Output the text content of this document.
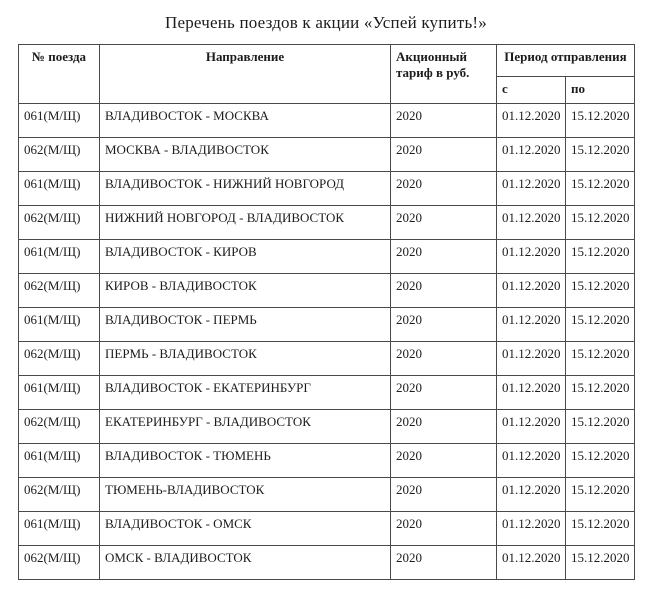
Перечень поездов к акции «Успей купить!»
№ поезда	Направление	Акционный тариф в руб.	Период отправления	
			с	по
061(М/Щ)	ВЛАДИВОСТОК - МОСКВА	2020	01.12.2020	15.12.2020
062(М/Щ)	МОСКВА - ВЛАДИВОСТОК	2020	01.12.2020	15.12.2020
061(М/Щ)	ВЛАДИВОСТОК - НИЖНИЙ НОВГОРОД	2020	01.12.2020	15.12.2020
062(М/Щ)	НИЖНИЙ НОВГОРОД - ВЛАДИВОСТОК	2020	01.12.2020	15.12.2020
061(М/Щ)	ВЛАДИВОСТОК - КИРОВ	2020	01.12.2020	15.12.2020
062(М/Щ)	КИРОВ - ВЛАДИВОСТОК	2020	01.12.2020	15.12.2020
061(М/Щ)	ВЛАДИВОСТОК - ПЕРМЬ	2020	01.12.2020	15.12.2020
062(М/Щ)	ПЕРМЬ - ВЛАДИВОСТОК	2020	01.12.2020	15.12.2020
061(М/Щ)	ВЛАДИВОСТОК - ЕКАТЕРИНБУРГ	2020	01.12.2020	15.12.2020
062(М/Щ)	ЕКАТЕРИНБУРГ - ВЛАДИВОСТОК	2020	01.12.2020	15.12.2020
061(М/Щ)	ВЛАДИВОСТОК - ТЮМЕНЬ	2020	01.12.2020	15.12.2020
062(М/Щ)	ТЮМЕНЬ-ВЛАДИВОСТОК	2020	01.12.2020	15.12.2020
061(М/Щ)	ВЛАДИВОСТОК - ОМСК	2020	01.12.2020	15.12.2020
062(М/Щ)	ОМСК - ВЛАДИВОСТОК	2020	01.12.2020	15.12.2020
